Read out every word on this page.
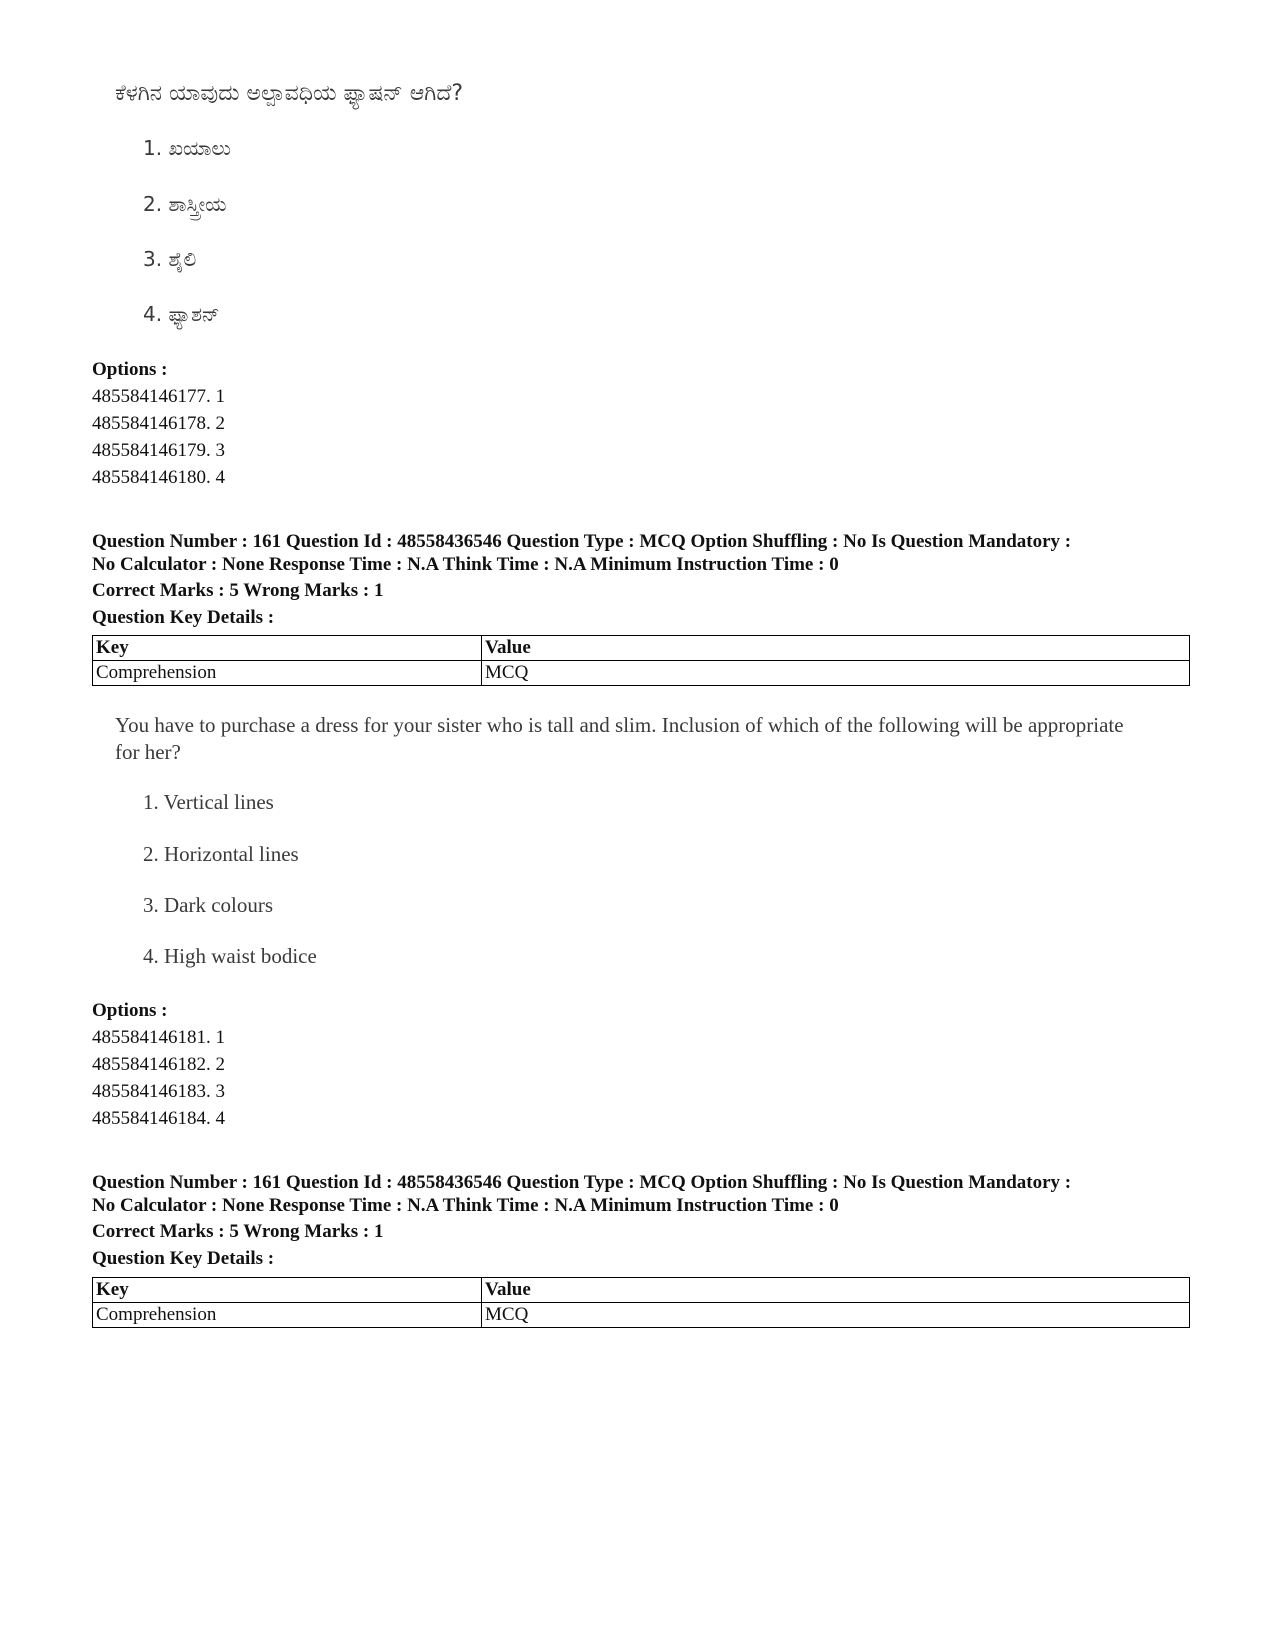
ಕೆಳಗಿನ ಯಾವುದು ಅಲ್ಪಾವಧಿಯ ಫ್ಯಾಷನ್ ಆಗಿದೆ?

1. ಖಯಾಲು
2. ಶಾಸ್ತ್ರೀಯ
3. ಶೈಲಿ
4. ಫ್ಯಾಶನ್
Options :
485584146177. 1
485584146178. 2
485584146179. 3
485584146180. 4
Question Number : 161 Question Id : 48558436546 Question Type : MCQ Option Shuffling : No Is Question Mandatory :
No Calculator : None Response Time : N.A Think Time : N.A Minimum Instruction Time : 0
Correct Marks : 5 Wrong Marks : 1
Question Key Details :
Key	Value
Comprehension	MCQ

You have to purchase a dress for your sister who is tall and slim. Inclusion of which of the following will be appropriate for her?

1. Vertical lines
2. Horizontal lines
3. Dark colours
4. High waist bodice
Options :
485584146181. 1
485584146182. 2
485584146183. 3
485584146184. 4
Question Number : 161 Question Id : 48558436546 Question Type : MCQ Option Shuffling : No Is Question Mandatory :
No Calculator : None Response Time : N.A Think Time : N.A Minimum Instruction Time : 0
Correct Marks : 5 Wrong Marks : 1
Question Key Details :
Key	Value
Comprehension	MCQ
